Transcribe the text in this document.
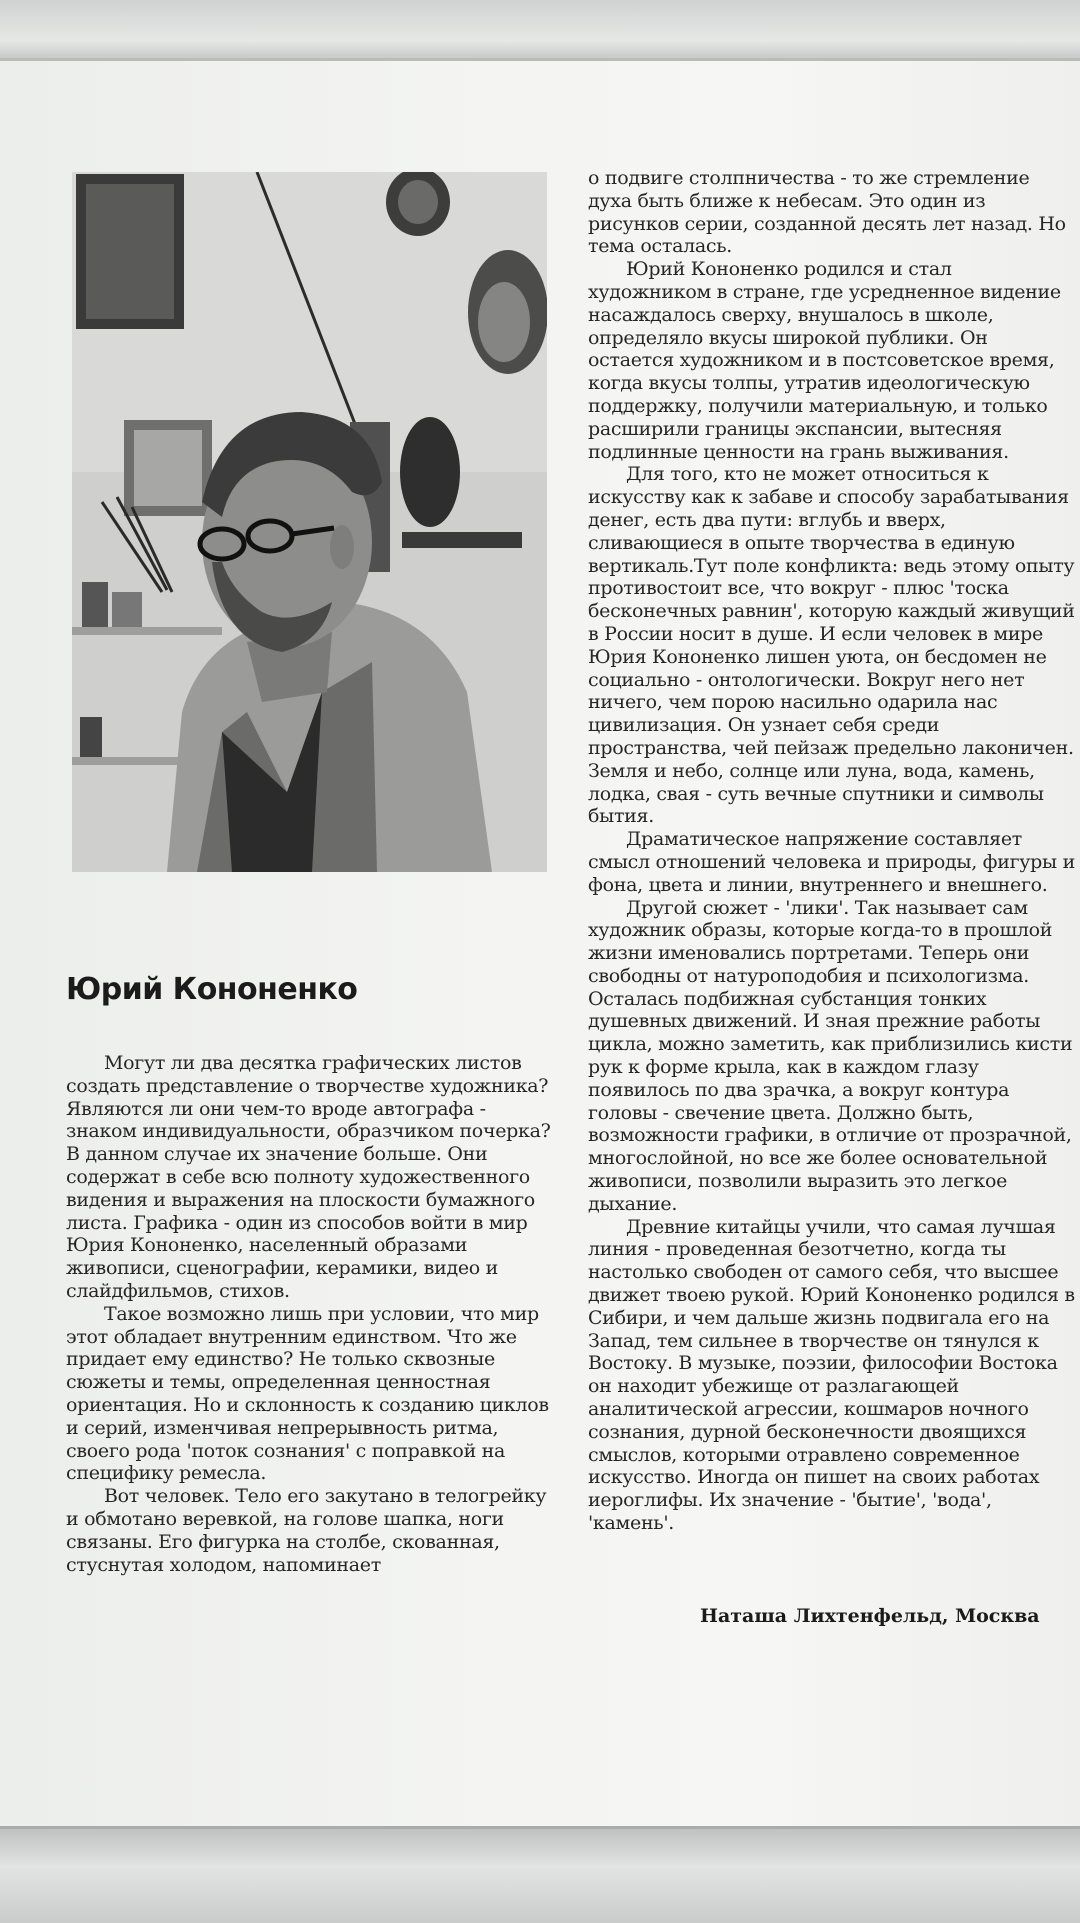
Юрий Кононенко

Могут ли два десятка графических листов создать представление о творчестве художника? Являются ли они чем-то вроде автографа - знаком индивидуальности, образчиком почерка? В данном случае их значение больше. Они содержат в себе всю полноту художественного видения и выражения на плоскости бумажного листа. Графика - один из способов войти в мир Юрия Кононенко, населенный образами живописи, сценографии, керамики, видео и слайдфильмов, стихов.

Такое возможно лишь при условии, что мир этот обладает внутренним единством. Что же придает ему единство? Не только сквозные сюжеты и темы, определенная ценностная ориентация. Но и склонность к созданию циклов и серий, изменчивая непрерывность ритма, своего рода 'поток сознания' с поправкой на специфику ремесла.

Вот человек. Тело его закутано в телогрейку и обмотано веревкой, на голове шапка, ноги связаны. Его фигурка на столбе, скованная, стуснутая холодом, напоминает

о подвиге столпничества - то же стремление духа быть ближе к небесам. Это один из рисунков серии, созданной десять лет назад. Но тема осталась.

Юрий Кононенко родился и стал художником в стране, где усредненное видение насаждалось сверху, внушалось в школе, определяло вкусы широкой публики. Он остается художником и в постсоветское время, когда вкусы толпы, утратив идеологическую поддержку, получили материальную, и только расширили границы экспансии, вытесняя подлинные ценности на грань выживания.

Для того, кто не может относиться к искусству как к забаве и способу зарабатывания денег, есть два пути: вглубь и вверх, сливающиеся в опыте творчества в единую вертикаль.Тут поле конфликта: ведь этому опыту противостоит все, что вокруг - плюс 'тоска бесконечных равнин', которую каждый живущий в России носит в душе. И если человек в мире Юрия Кононенко лишен уюта, он бесдомен не социально - онтологически. Вокруг него нет ничего, чем порою насильно одарила нас цивилизация. Он узнает себя среди пространства, чей пейзаж предельно лаконичен. Земля и небо, солнце или луна, вода, камень, лодка, свая - суть вечные спутники и символы бытия.

Драматическое напряжение составляет смысл отношений человека и природы, фигуры и фона, цвета и линии, внутреннего и внешнего.

Другой сюжет - 'лики'. Так называет сам художник образы, которые когда-то в прошлой жизни именовались портретами. Теперь они свободны от натуроподобия и психологизма. Осталась подбижная субстанция тонких душевных движений. И зная прежние работы цикла, можно заметить, как приблизились кисти рук к форме крыла, как в каждом глазу появилось по два зрачка, а вокруг контура головы - свечение цвета. Должно быть, возможности графики, в отличие от прозрачной, многослойной, но все же более основательной живописи, позволили выразить это легкое дыхание.

Древние китайцы учили, что самая лучшая линия - проведенная безотчетно, когда ты настолько свободен от самого себя, что высшее движет твоею рукой. Юрий Кононенко родился в Сибири, и чем дальше жизнь подвигала его на Запад, тем сильнее в творчестве он тянулся к Востоку. В музыке, поэзии, философии Востока он находит убежище от разлагающей аналитической агрессии, кошмаров ночного сознания, дурной бесконечности двоящихся смыслов, которыми отравлено современное искусство. Иногда он пишет на своих работах иероглифы. Их значение - 'бытие', 'вода', 'камень'.

Наташа Лихтенфельд, Москва
